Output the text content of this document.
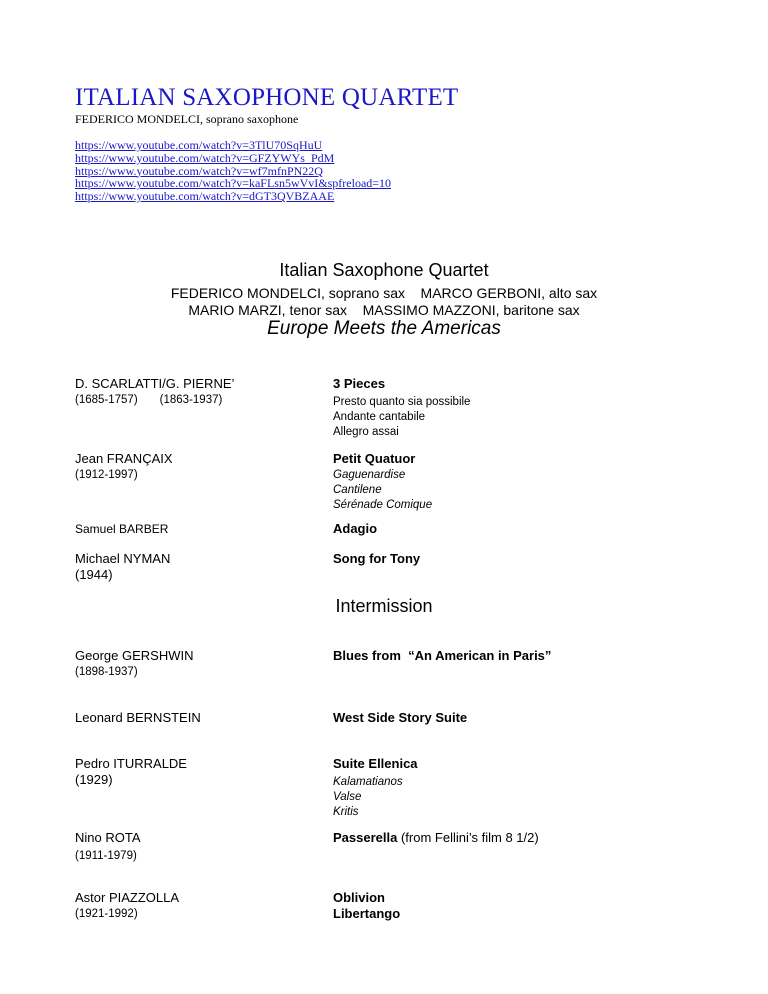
ITALIAN SAXOPHONE QUARTET
FEDERICO MONDELCI, soprano saxophone
https://www.youtube.com/watch?v=3TlU70SqHuU
https://www.youtube.com/watch?v=GFZYWYs_PdM
https://www.youtube.com/watch?v=wf7mfnPN22Q
https://www.youtube.com/watch?v=kaFLsn5wVvI&spfreload=10
https://www.youtube.com/watch?v=dGT3QVBZAAE
Italian Saxophone Quartet
FEDERICO MONDELCI, soprano sax    MARCO GERBONI, alto sax
MARIO MARZI, tenor sax    MASSIMO MAZZONI, baritone sax
Europe Meets the Americas
D. SCARLATTI/G. PIERNE’
(1685-1757) (1863-1937)
3 Pieces
Presto quanto sia possibile
Andante cantabile
Allegro assai
Jean FRANÇAIX
(1912-1997)
Petit Quatuor
Gaguenardise
Cantilene
Sérénade Comique
Samuel BARBER	Adagio
Michael NYMAN
(1944)
Song for Tony
Intermission
George GERSHWIN
(1898-1937)
Blues from  “An American in Paris”
Leonard BERNSTEIN	West Side Story Suite
Pedro ITURRALDE
(1929)
Suite Ellenica
Kalamatianos
Valse
Kritis
Nino ROTA
(1911-1979)
Passerella (from Fellini’s film 8 1/2)
Astor PIAZZOLLA
(1921-1992)
Oblivion
Libertango
